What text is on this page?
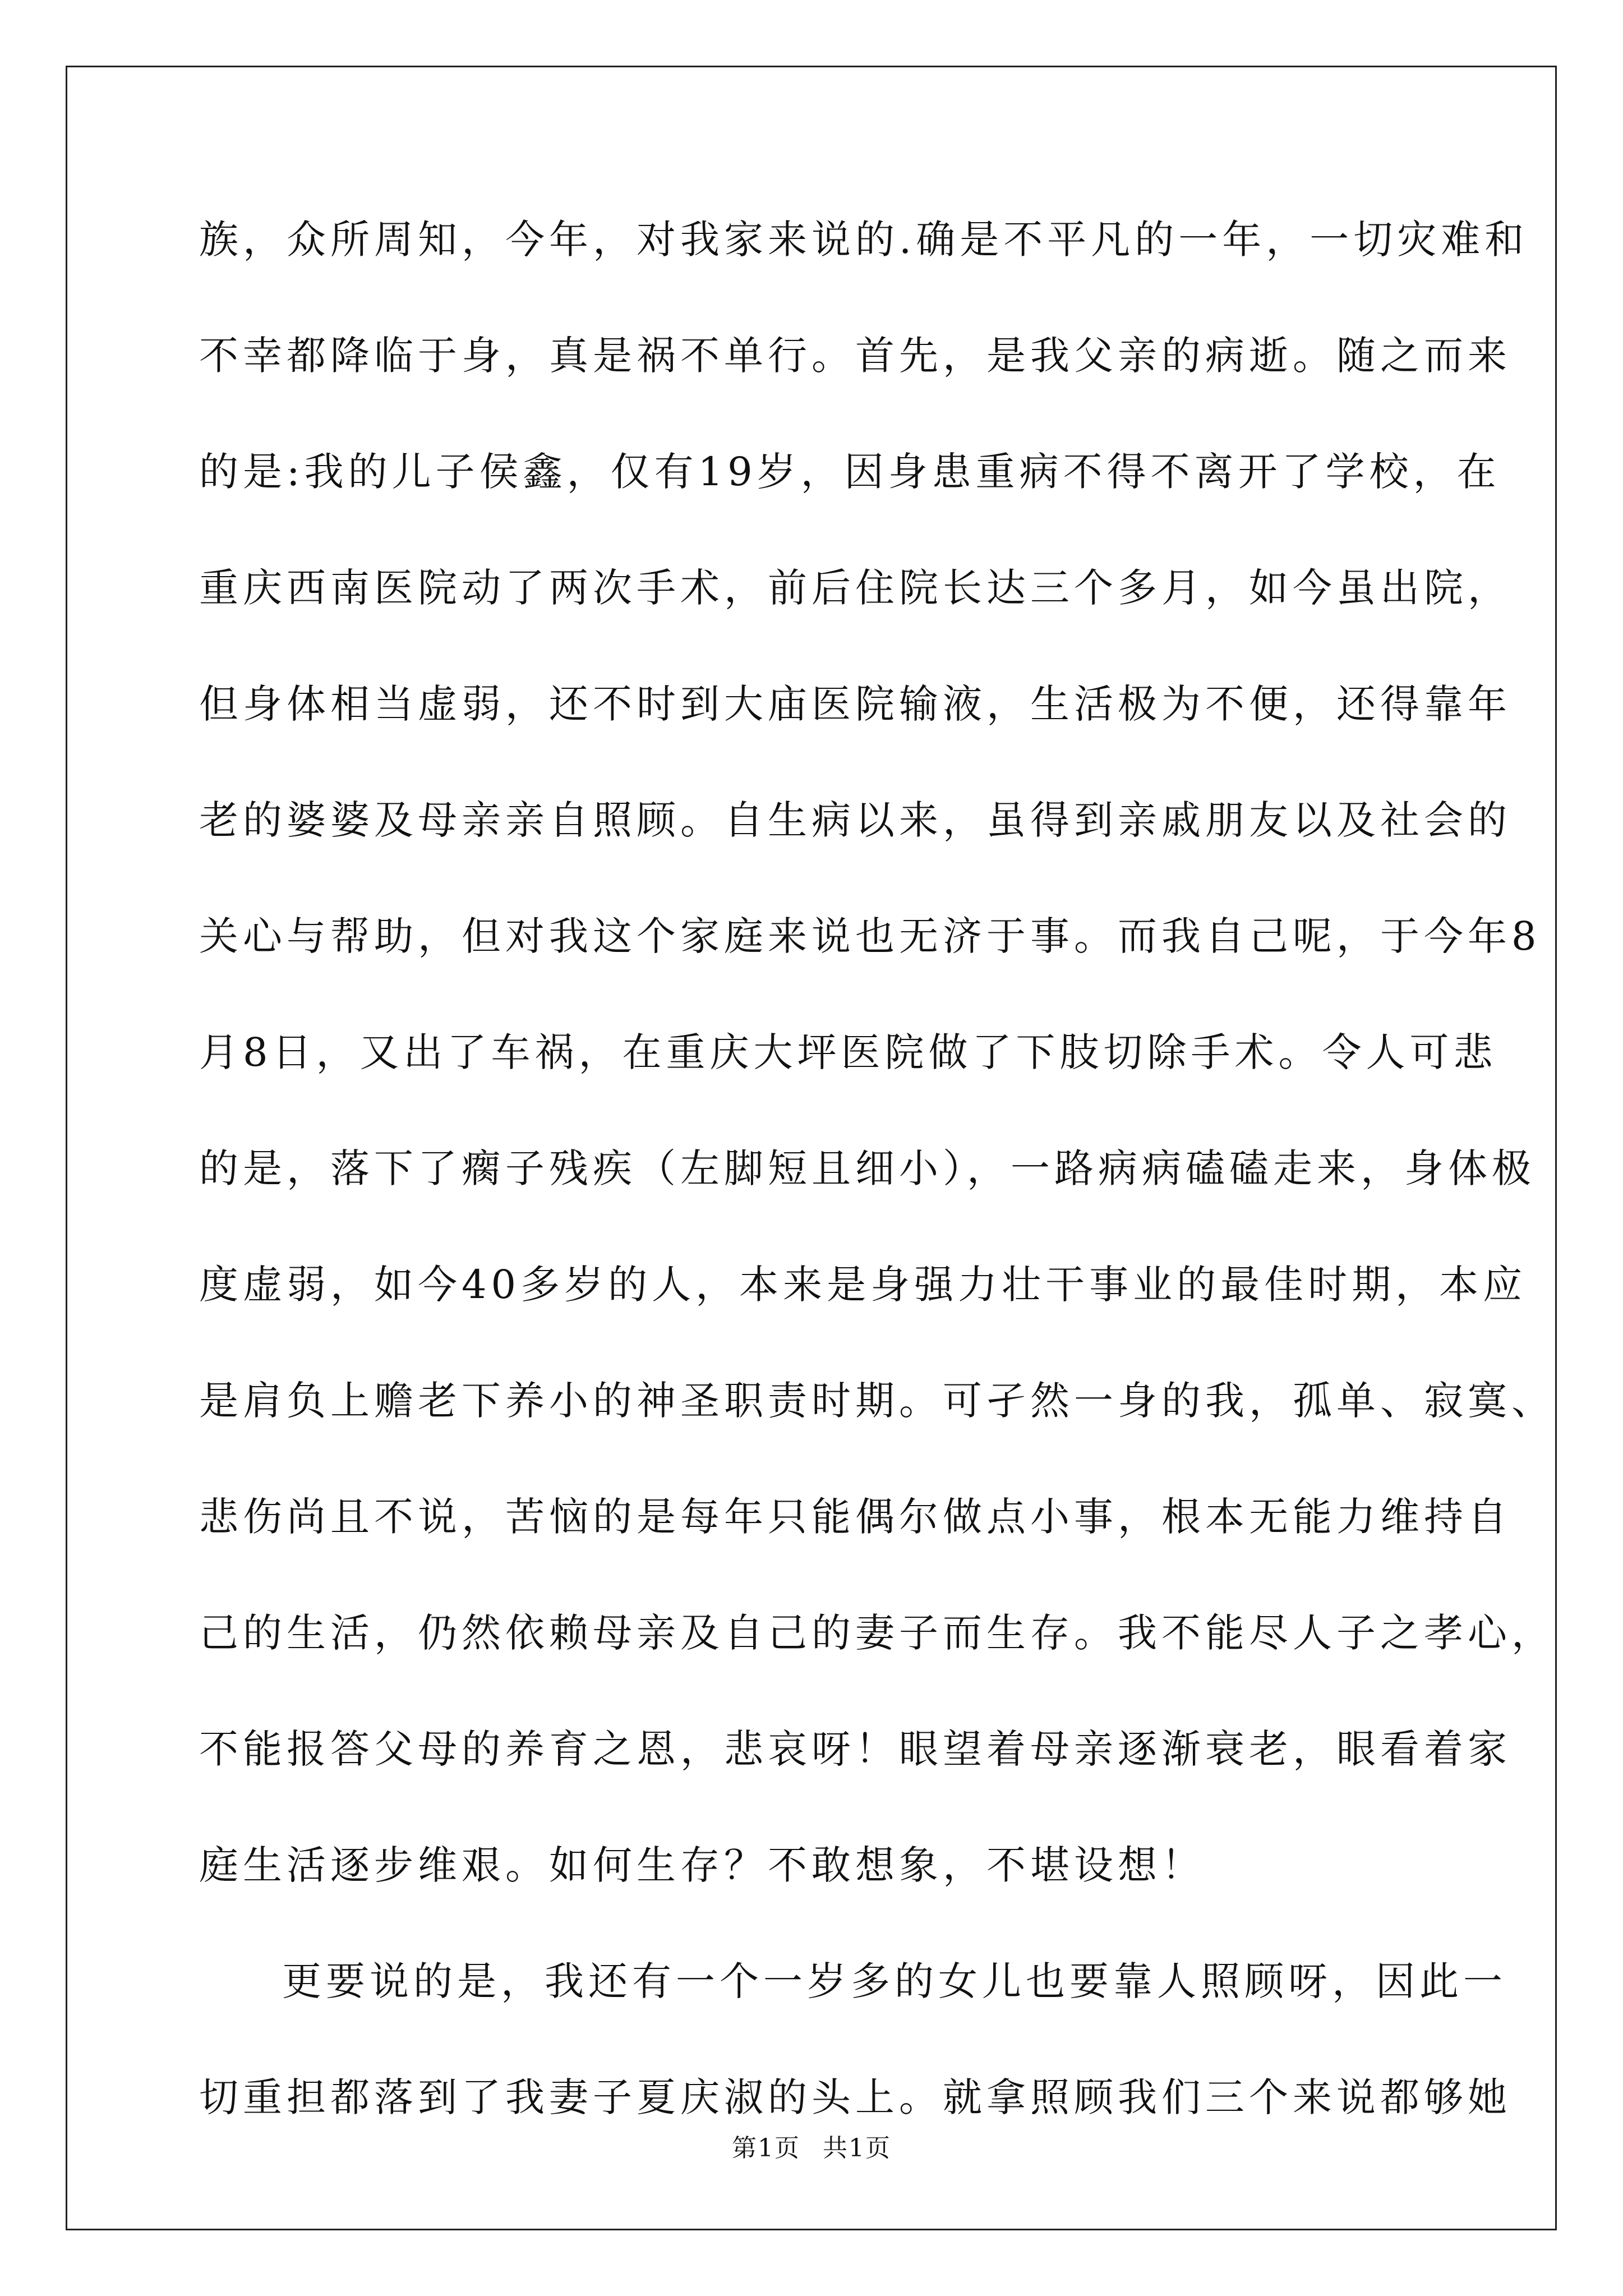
族，众所周知，今年，对我家来说的.确是不平凡的一年，一切灾难和
不幸都降临于身，真是祸不单行。首先，是我父亲的病逝。随之而来
的是:我的儿子侯鑫，仅有19岁，因身患重病不得不离开了学校，在
重庆西南医院动了两次手术，前后住院长达三个多月，如今虽出院，
但身体相当虚弱，还不时到大庙医院输液，生活极为不便，还得靠年
老的婆婆及母亲亲自照顾。自生病以来，虽得到亲戚朋友以及社会的
关心与帮助，但对我这个家庭来说也无济于事。而我自己呢，于今年8
月8日，又出了车祸，在重庆大坪医院做了下肢切除手术。令人可悲
的是，落下了瘸子残疾（左脚短且细小），一路病病磕磕走来，身体极
度虚弱，如今40多岁的人，本来是身强力壮干事业的最佳时期，本应
是肩负上赡老下养小的神圣职责时期。可孑然一身的我，孤单、寂寞、
悲伤尚且不说，苦恼的是每年只能偶尔做点小事，根本无能力维持自
己的生活，仍然依赖母亲及自己的妻子而生存。我不能尽人子之孝心，
不能报答父母的养育之恩，悲哀呀！眼望着母亲逐渐衰老，眼看着家
庭生活逐步维艰。如何生存？不敢想象，不堪设想！
更要说的是，我还有一个一岁多的女儿也要靠人照顾呀，因此一
切重担都落到了我妻子夏庆淑的头上。就拿照顾我们三个来说都够她
第1页 共1页
